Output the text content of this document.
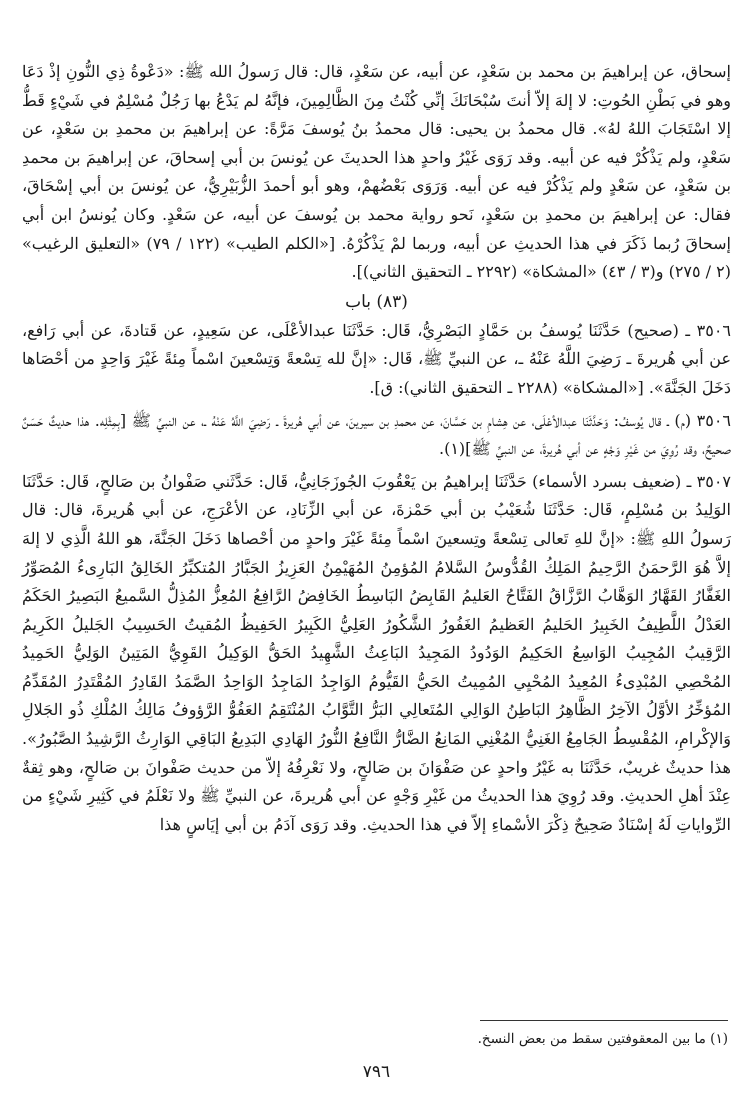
إسحاق، عن إبراهيمَ بن محمد بن سَعْدٍ، عن أبيه، عن سَعْدٍ، قال: قال رَسولُ الله ﷺ: «دَعْوةُ ذِي النُّونِ إذْ دَعَا وهو في بَطْنِ الحُوتِ: لا إلهَ إلاّ أنتَ سُبْحَانَكَ إنِّي كُنْتُ مِنَ الظَّالِمِينَ، فإنَّهُ لم يَدْعُ بها رَجُلٌ مُسْلِمٌ في شَيْءٍ قَطُّ إلا اسْتَجَابَ اللهُ لهُ». قال محمدُ بن يحيى: قال محمدُ بنُ يُوسفَ مَرَّةً: عن إبراهيمَ بن محمدِ بن سَعْدٍ، عن سَعْدٍ، ولم يَذْكُرْ فيه عن أبيه. وقد رَوَى غَيْرُ واحدٍ هذا الحديثَ عن يُونسَ بن أبي إسحاقَ، عن إبراهيمَ بن محمدِ بن سَعْدٍ، عن سَعْدٍ ولم يَذْكُرْ فيه عن أبيه. وَرَوَى بَعْضُهمْ، وهو أبو أحمدَ الزُّبَيْرِيُّ، عن يُونسَ بن أبي إسْحَاقَ، فقال: عن إبراهيمَ بن محمدِ بن سَعْدٍ، نَحو رواية محمد بن يُوسفَ عن أبيه، عن سَعْدٍ. وكان يُونسُ ابن أبي إسحاقَ رُبما ذَكَرَ في هذا الحديثِ عن أبيه، وربما لمْ يَذْكُرْهُ. [«الكلم الطيب» (١٢٢ / ٧٩) «التعليق الرغيب» (٢ / ٢٧٥) و(٣ / ٤٣) «المشكاة» (٢٢٩٢ ـ التحقيق الثاني)].

(٨٣) باب

٣٥٠٦ ـ (صحيح) حَدَّثَنَا يُوسفُ بن حَمَّادٍ البَصْرِيُّ، قَال: حَدَّثَنَا عبدالأعْلَى، عن سَعِيدٍ، عن قَتادةَ، عن أبي رَافع، عن أبي هُريرةَ ـ رَضِيَ اللَّهُ عَنْهُ ـ، عن النبيِّ ﷺ، قَال: «إنَّ لله تِسْعةً وَتِسْعينَ اسْماً مِئةً غَيْرَ وَاحِدٍ من أحْصَاها دَخَلَ الجَنَّةَ». [«المشكاة» (٢٢٨٨ ـ التحقيق الثاني): ق].

٣٥٠٦ (م) ـ قال يُوسفُ: وَحَدَّثَنَا عبدالأعْلَى، عن هِشامِ بن حَسَّانَ، عن محمدِ بن سيرينَ، عن أبي هُريرةَ ـ رَضِيَ اللَّهُ عَنْهُ ـ، عن النبيِّ ﷺ [بِمِثْلِه. هذا حديثٌ حَسَنٌ صحيحٌ، وقد رُوِيَ من غَيْرِ وَجْهٍ عن أبي هُريرةَ، عن النبيِّ ﷺ](١).

٣٥٠٧ ـ (ضعيف بسرد الأسماء) حَدَّثَنَا إبراهيمُ بن يَعْقُوبَ الجُوزَجَانِيُّ، قَال: حَدَّثَني صَفْوانُ بن صَالحٍ، قَال: حَدَّثَنَا الوَلِيدُ بن مُسْلِمٍ، قَال: حَدَّثَنَا شُعَيْبُ بن أبي حَمْزةَ، عن أبي الزِّنَادِ، عن الأعْرَجِ، عن أبي هُريرةَ، قال: قال رَسولُ اللهِ ﷺ: «إنَّ للهِ تَعالى تِسْعةً وتِسعينَ اسْماً مِئةً غَيْرَ واحدٍ من أحْصاها دَخَلَ الجَنَّةَ، هو اللهُ الَّذِي لا إلهَ إلاَّ هُوَ الرَّحمَنُ الرَّحِيمُ المَلِكُ القُدُّوسُ السَّلامُ المُؤمِنُ المُهَيْمِنُ العَزِيزُ الجَبَّارُ المُتكبِّرُ الخَالِقُ البَارِىءُ المُصَوِّرُ الغَفَّارُ القَهَّارُ الوَهَّابُ الرَّزَّاقُ الفَتَّاحُ العَليمُ القَابِضُ البَاسِطُ الخَافِضُ الرَّافِعُ المُعِزُّ المُذِلُّ السَّميعُ البَصِيرُ الحَكَمُ العَدْلُ اللَّطِيفُ الخَبِيرُ الحَليمُ العَظيمُ الغَفُورُ الشَّكُورُ العَلِيُّ الكَبِيرُ الحَفِيظُ المُقيتُ الحَسِيبُ الجَليلُ الكَرِيمُ الرَّقِيبُ المُجِيبُ الوَاسِعُ الحَكِيمُ الوَدُودُ المَجِيدُ البَاعِثُ الشَّهِيدُ الحَقُّ الوَكِيلُ القَوِيُّ المَتِينُ الوَلِيُّ الحَمِيدُ المُحْصِي المُبْدِىءُ المُعِيدُ المُحْيِي المُمِيتُ الحَيُّ القَيُّومُ الوَاجِدُ المَاجِدُ الوَاحِدُ الصَّمَدُ القَادِرُ المُقْتَدِرُ المُقَدِّمُ المُؤخِّرُ الأوَّلُ الآخِرُ الظَّاهِرُ البَاطِنُ الوَالِي المُتَعالِي البَرُّ التَّوَّابُ المُنْتَقِمُ العَفُوُّ الرَّؤوفُ مَالِكُ المُلْكِ ذُو الجَلالِ وَالإكْرامِ، المُقْسِطُ الجَامِعُ الغَنِيُّ المُغْنِي المَانِعُ الضَّارُّ النَّافِعُ النُّورُ الهَادِي البَدِيعُ البَاقِي الوَارِثُ الرَّشِيدُ الصَّبُورُ». هذا حديثٌ غريبٌ، حَدَّثَنَا به غَيْرُ واحدٍ عن صَفْوَانَ بن صَالحٍ، ولا نَعْرِفُهُ إلاّ من حديث صَفْوانَ بن صَالحٍ، وهو ثِقةٌ عِنْدَ أهلِ الحديثِ. وقد رُوِيَ هذا الحديثُ من غَيْرِ وَجْهٍ عن أبي هُريرةَ، عن النبيِّ ﷺ ولا نَعْلَمُ في كَثِيرِ شَيْءٍ من الرِّواياتِ لَهُ إسْنَادٌ صَحِيحٌ ذِكْرَ الأسْماءِ إلاّ في هذا الحديثِ. وقد رَوَى آدَمُ بن أبي إيَاسٍ هذا

(١) ما بين المعقوفتين سقط من بعض النسخ.
٧٩٦
